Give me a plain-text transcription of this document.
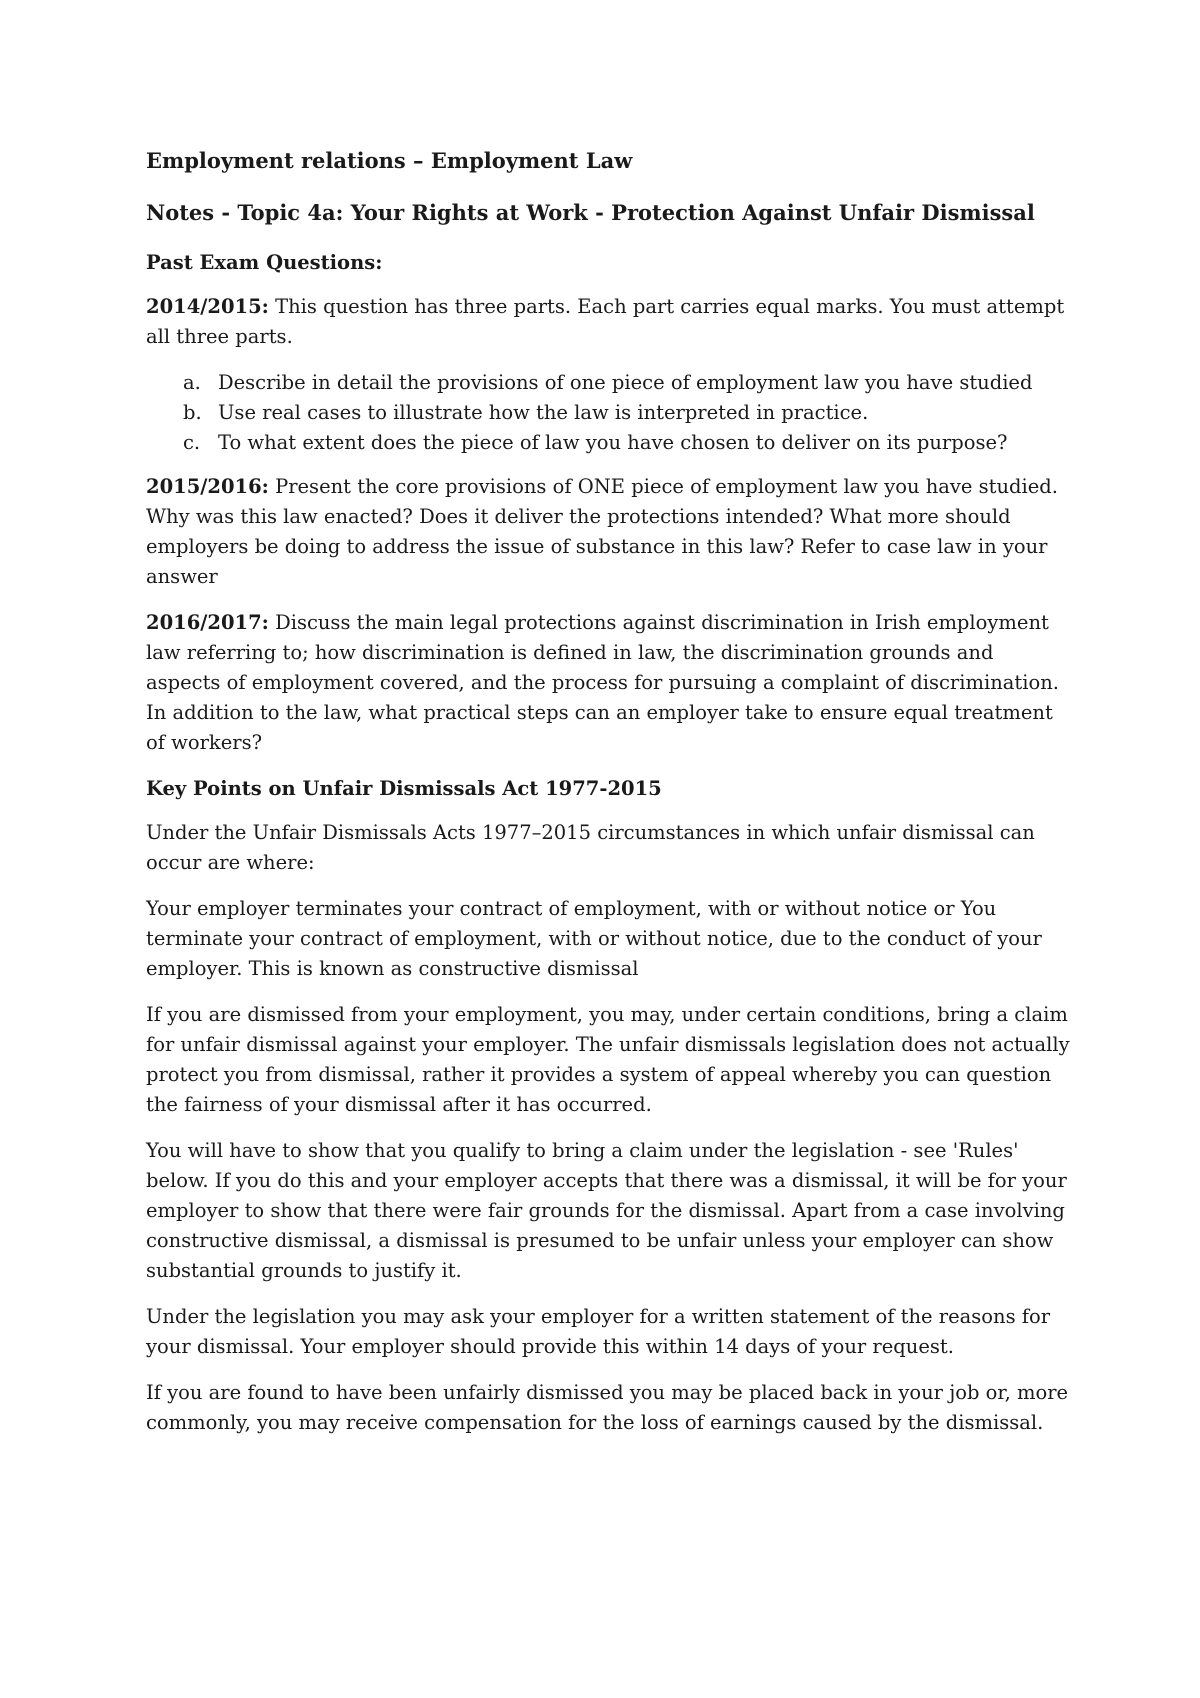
Employment relations – Employment Law
Notes - Topic 4a: Your Rights at Work - Protection Against Unfair Dismissal
Past Exam Questions:

2014/2015: This question has three parts. Each part carries equal marks. You must attempt all three parts.

a. Describe in detail the provisions of one piece of employment law you have studied
b. Use real cases to illustrate how the law is interpreted in practice.
c. To what extent does the piece of law you have chosen to deliver on its purpose?

2015/2016: Present the core provisions of ONE piece of employment law you have studied. Why was this law enacted? Does it deliver the protections intended? What more should employers be doing to address the issue of substance in this law? Refer to case law in your answer

2016/2017: Discuss the main legal protections against discrimination in Irish employment law referring to; how discrimination is defined in law, the discrimination grounds and aspects of employment covered, and the process for pursuing a complaint of discrimination. In addition to the law, what practical steps can an employer take to ensure equal treatment of workers?

Key Points on Unfair Dismissals Act 1977-2015

Under the Unfair Dismissals Acts 1977–2015 circumstances in which unfair dismissal can occur are where:

Your employer terminates your contract of employment, with or without notice or You terminate your contract of employment, with or without notice, due to the conduct of your employer. This is known as constructive dismissal

If you are dismissed from your employment, you may, under certain conditions, bring a claim for unfair dismissal against your employer. The unfair dismissals legislation does not actually protect you from dismissal, rather it provides a system of appeal whereby you can question the fairness of your dismissal after it has occurred.

You will have to show that you qualify to bring a claim under the legislation - see 'Rules' below. If you do this and your employer accepts that there was a dismissal, it will be for your employer to show that there were fair grounds for the dismissal. Apart from a case involving constructive dismissal, a dismissal is presumed to be unfair unless your employer can show substantial grounds to justify it.

Under the legislation you may ask your employer for a written statement of the reasons for your dismissal. Your employer should provide this within 14 days of your request.

If you are found to have been unfairly dismissed you may be placed back in your job or, more commonly, you may receive compensation for the loss of earnings caused by the dismissal.
